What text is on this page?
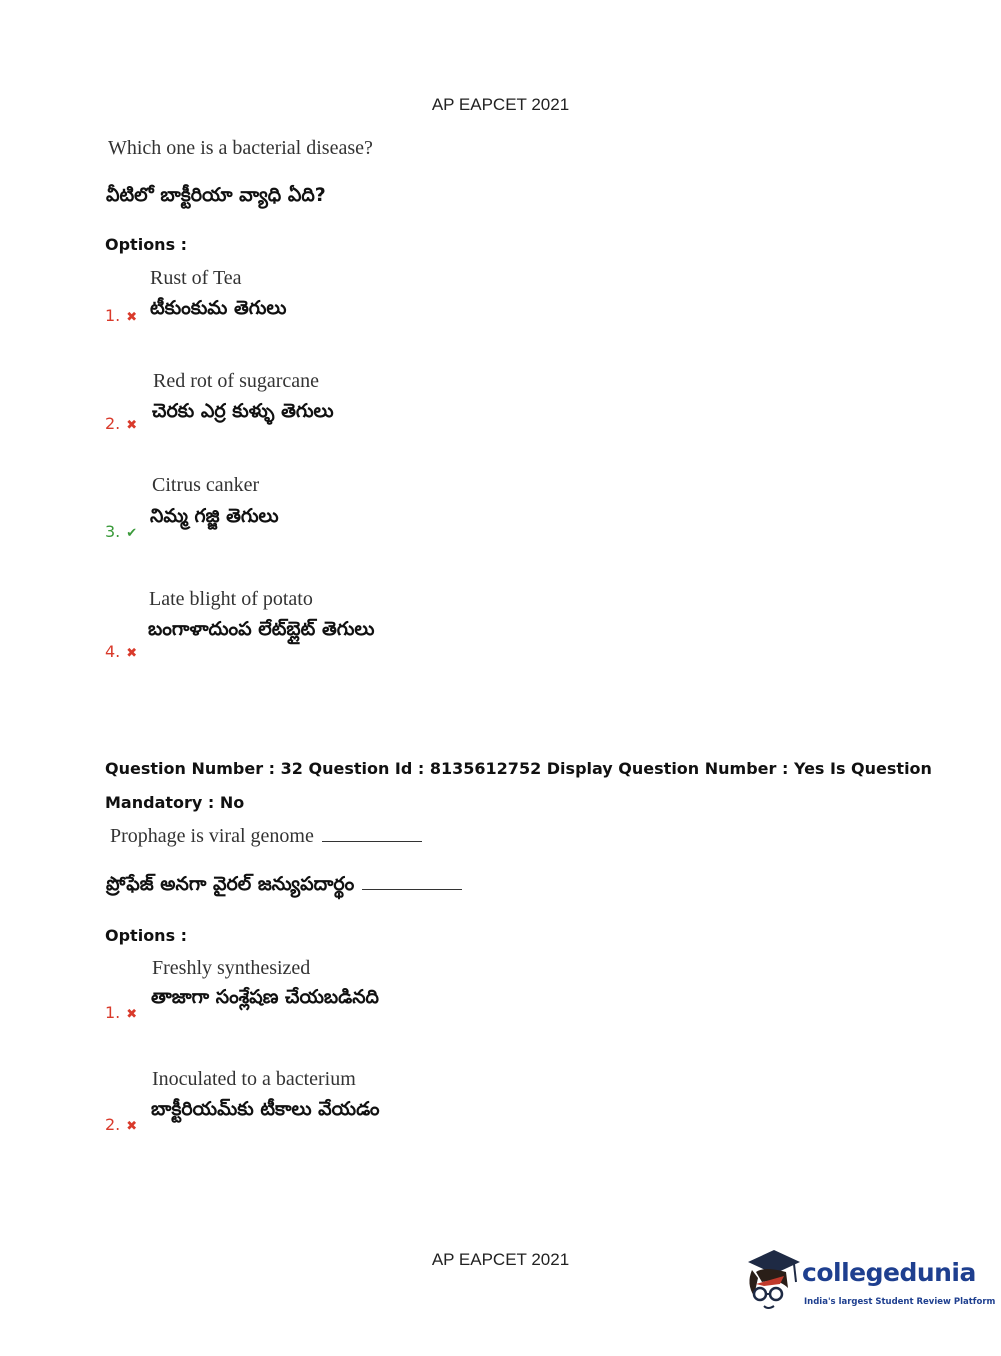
AP EAPCET 2021
Which one is a bacterial disease?
వీటిలో బాక్టీరియా వ్యాధి ఏది?
Options :
Rust of Tea
టీకుంకుమ తెగులు
1. ✖
Red rot of sugarcane
చెరకు ఎర్ర కుళ్ళు తెగులు
2. ✖
Citrus canker
నిమ్మ గజ్జి తెగులు
3. ✔
Late blight of potato
బంగాళాదుంప లేట్‌బ్లైట్ తెగులు
4. ✖
Question Number : 32 Question Id : 8135612752 Display Question Number : Yes Is Question
Mandatory : No
Prophage is viral genome
ప్రోఫేజ్ అనగా వైరల్ జన్యుపదార్థం
Options :
Freshly synthesized
తాజాగా సంశ్లేషణ చేయబడినది
1. ✖
Inoculated to a bacterium
బాక్టీరియమ్‌కు టీకాలు వేయడం
2. ✖
AP EAPCET 2021	collegedunia
India's largest Student Review Platform
